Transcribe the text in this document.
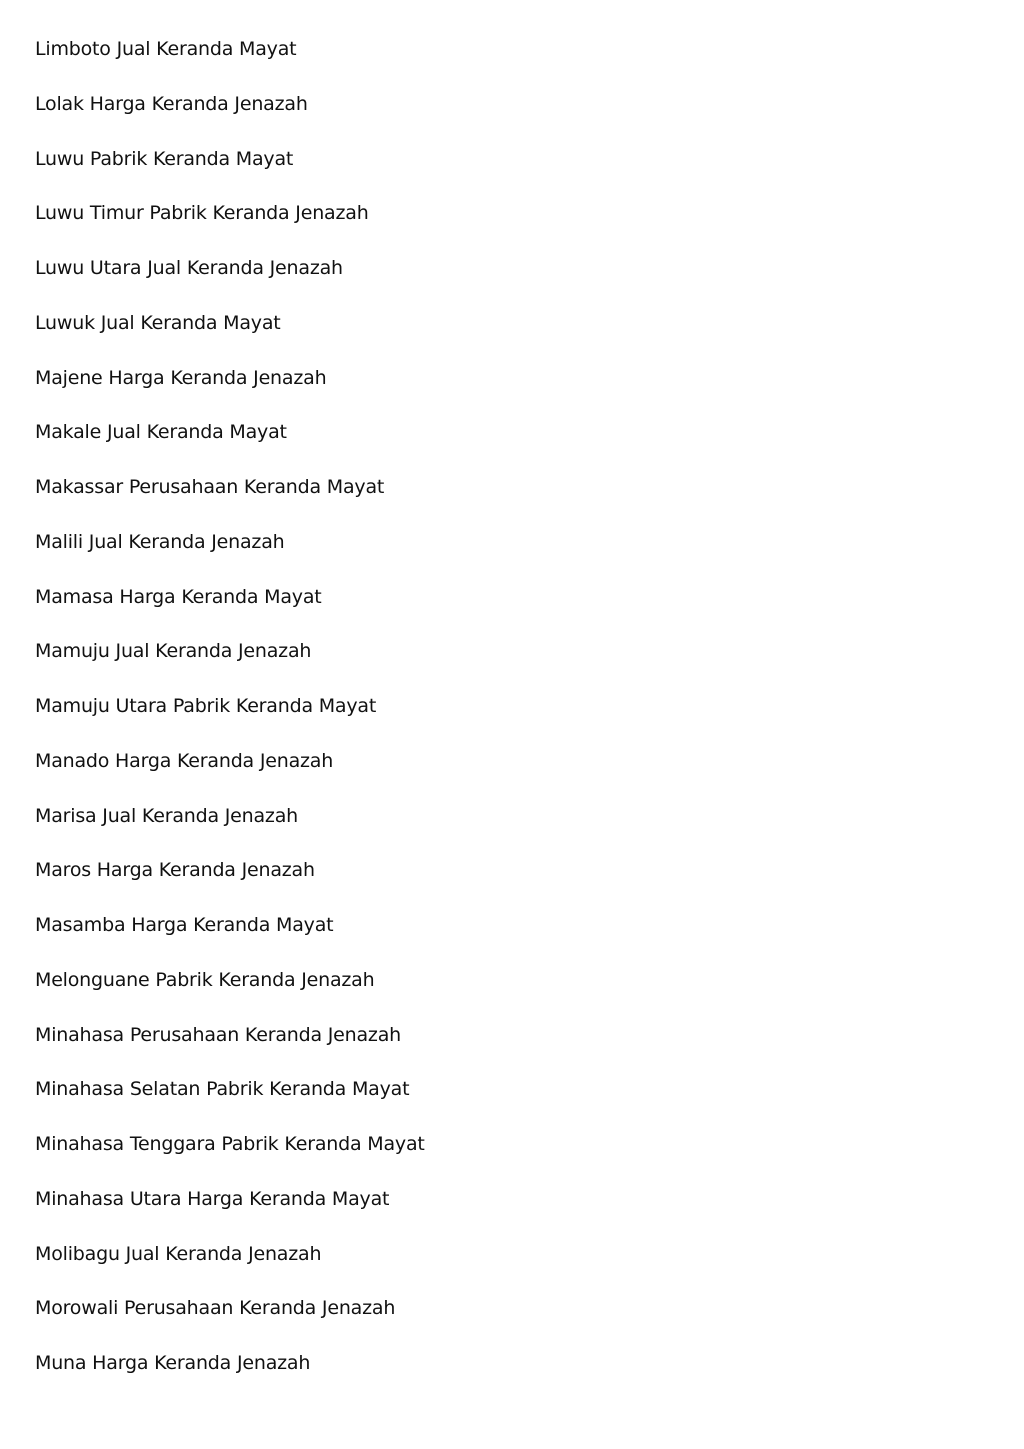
Limboto Jual Keranda Mayat
Lolak Harga Keranda Jenazah
Luwu Pabrik Keranda Mayat
Luwu Timur Pabrik Keranda Jenazah
Luwu Utara Jual Keranda Jenazah
Luwuk Jual Keranda Mayat
Majene Harga Keranda Jenazah
Makale Jual Keranda Mayat
Makassar Perusahaan Keranda Mayat
Malili Jual Keranda Jenazah
Mamasa Harga Keranda Mayat
Mamuju Jual Keranda Jenazah
Mamuju Utara Pabrik Keranda Mayat
Manado Harga Keranda Jenazah
Marisa Jual Keranda Jenazah
Maros Harga Keranda Jenazah
Masamba Harga Keranda Mayat
Melonguane Pabrik Keranda Jenazah
Minahasa Perusahaan Keranda Jenazah
Minahasa Selatan Pabrik Keranda Mayat
Minahasa Tenggara Pabrik Keranda Mayat
Minahasa Utara Harga Keranda Mayat
Molibagu Jual Keranda Jenazah
Morowali Perusahaan Keranda Jenazah
Muna Harga Keranda Jenazah
